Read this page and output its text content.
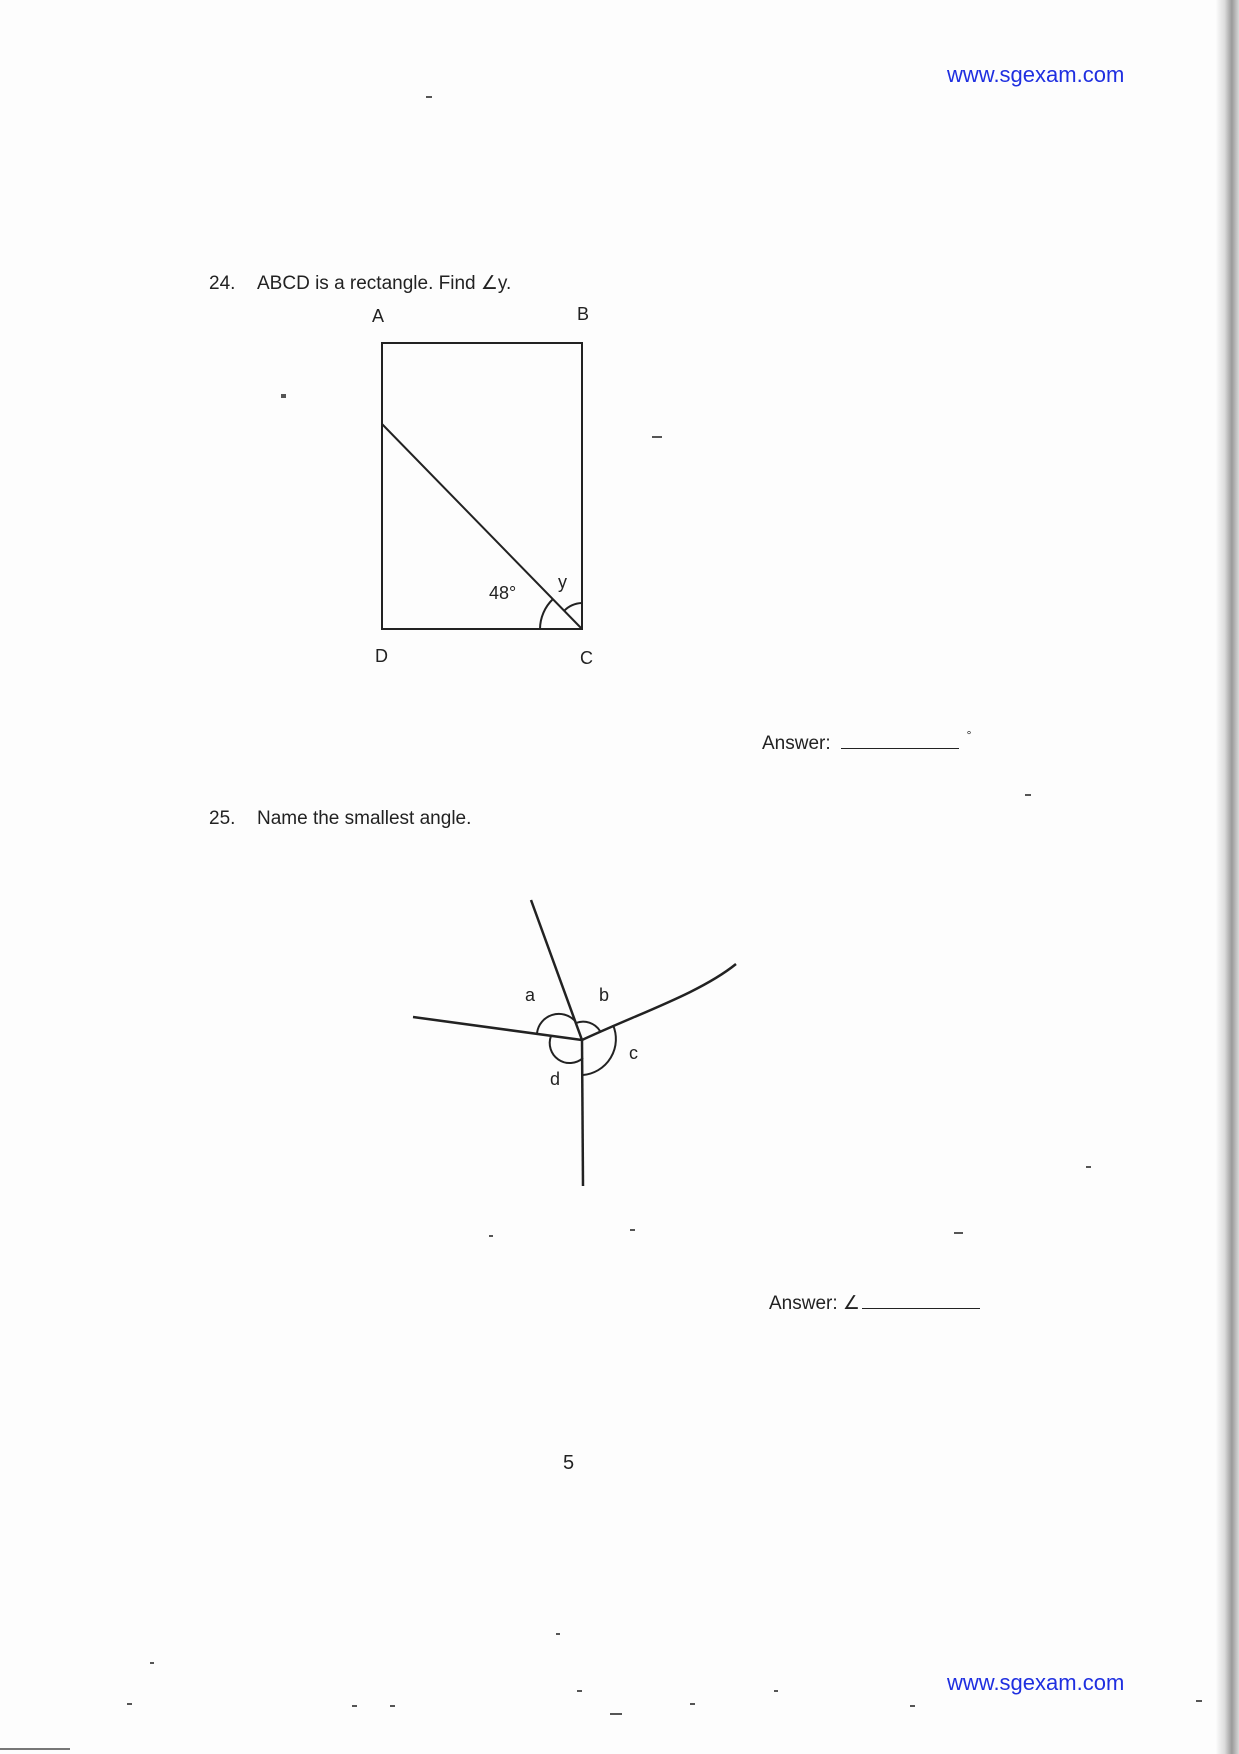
www.sgexam.com
24. ABCD is a rectangle. Find ∠y.
A	B
D	C
48°
y
Answer:	°
25. Name the smallest angle.
a	b
c
d
Answer: ∠
5
www.sgexam.com
